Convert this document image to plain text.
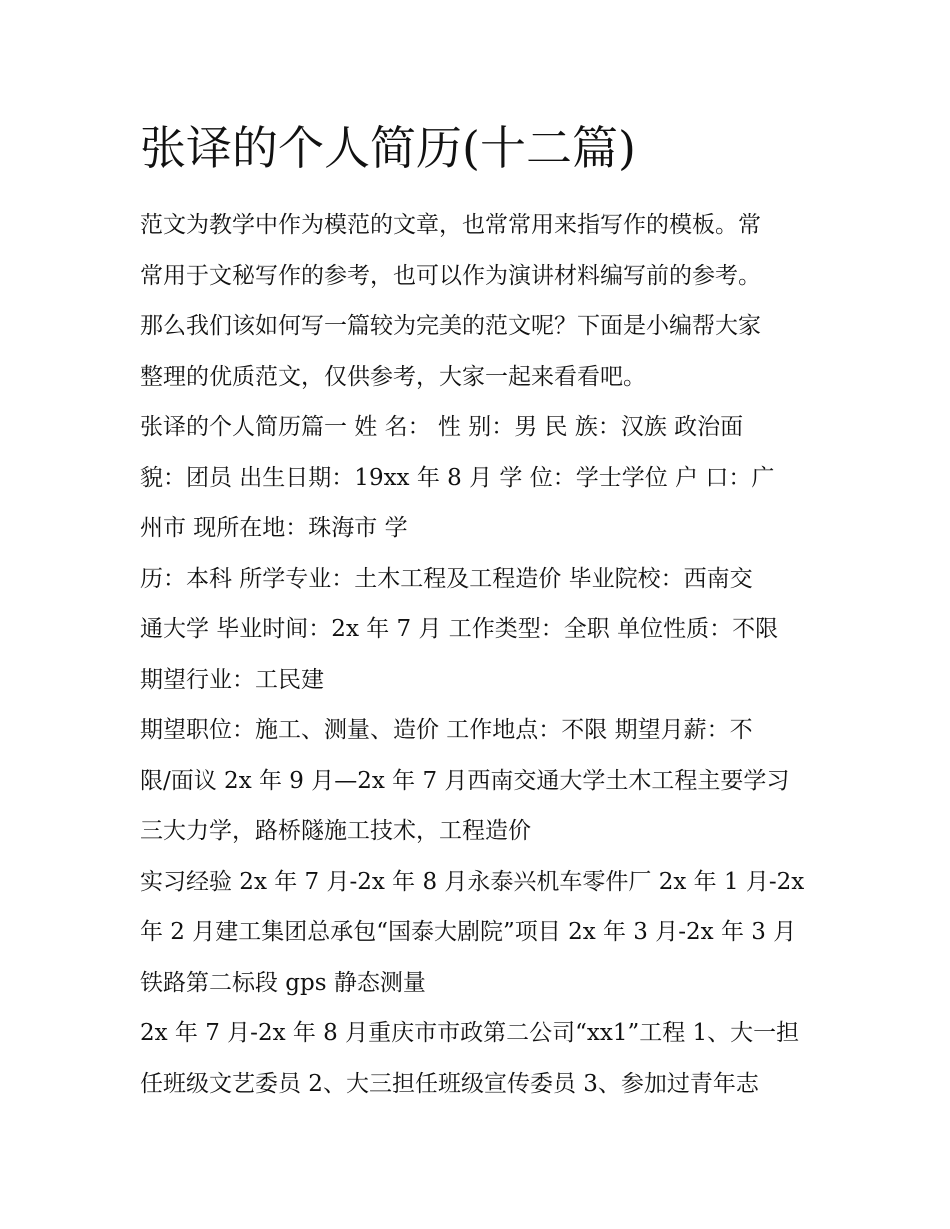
张译的个人简历(十二篇)
范文为教学中作为模范的文章，也常常用来指写作的模板。常
常用于文秘写作的参考，也可以作为演讲材料编写前的参考。
那么我们该如何写一篇较为完美的范文呢？下面是小编帮大家
整理的优质范文，仅供参考，大家一起来看看吧。
张译的个人简历篇一 姓 名： 性 别：男 民 族：汉族 政治面
貌：团员 出生日期：19xx 年 8 月 学 位：学士学位 户 口：广
州市 现所在地：珠海市 学
历：本科 所学专业：土木工程及工程造价 毕业院校：西南交
通大学 毕业时间：2x 年 7 月 工作类型：全职 单位性质：不限
期望行业：工民建
期望职位：施工、测量、造价 工作地点：不限 期望月薪：不
限/面议 2x 年 9 月—2x 年 7 月西南交通大学土木工程主要学习
三大力学，路桥隧施工技术，工程造价
实习经验 2x 年 7 月-2x 年 8 月永泰兴机车零件厂 2x 年 1 月-2x
年 2 月建工集团总承包“国泰大剧院”项目 2x 年 3 月-2x 年 3 月
铁路第二标段 gps 静态测量
2x 年 7 月-2x 年 8 月重庆市市政第二公司“xx1”工程 1、大一担
任班级文艺委员 2、大三担任班级宣传委员 3、参加过青年志
